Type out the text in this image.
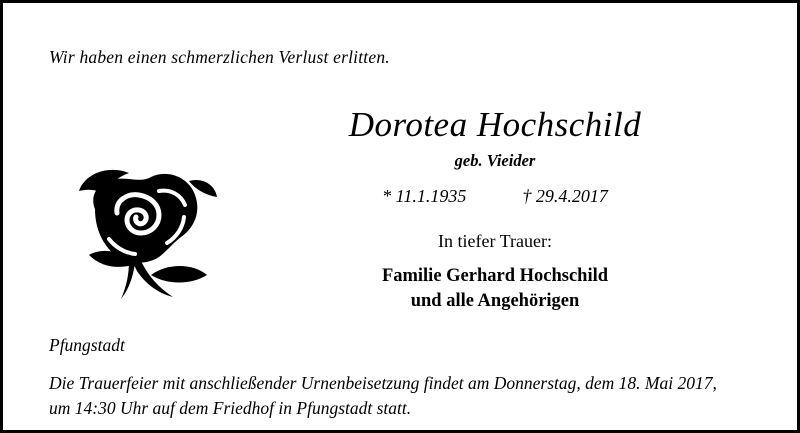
Wir haben einen schmerzlichen Verlust erlitten.
Dorotea Hochschild
geb. Vieider
* 11.1.1935	† 29.4.2017
In tiefer Trauer:
Familie Gerhard Hochschild
und alle Angehörigen
Pfungstadt
Die Trauerfeier mit anschließender Urnenbeisetzung findet am Donnerstag, dem 18. Mai 2017,
um 14:30 Uhr auf dem Friedhof in Pfungstadt statt.
